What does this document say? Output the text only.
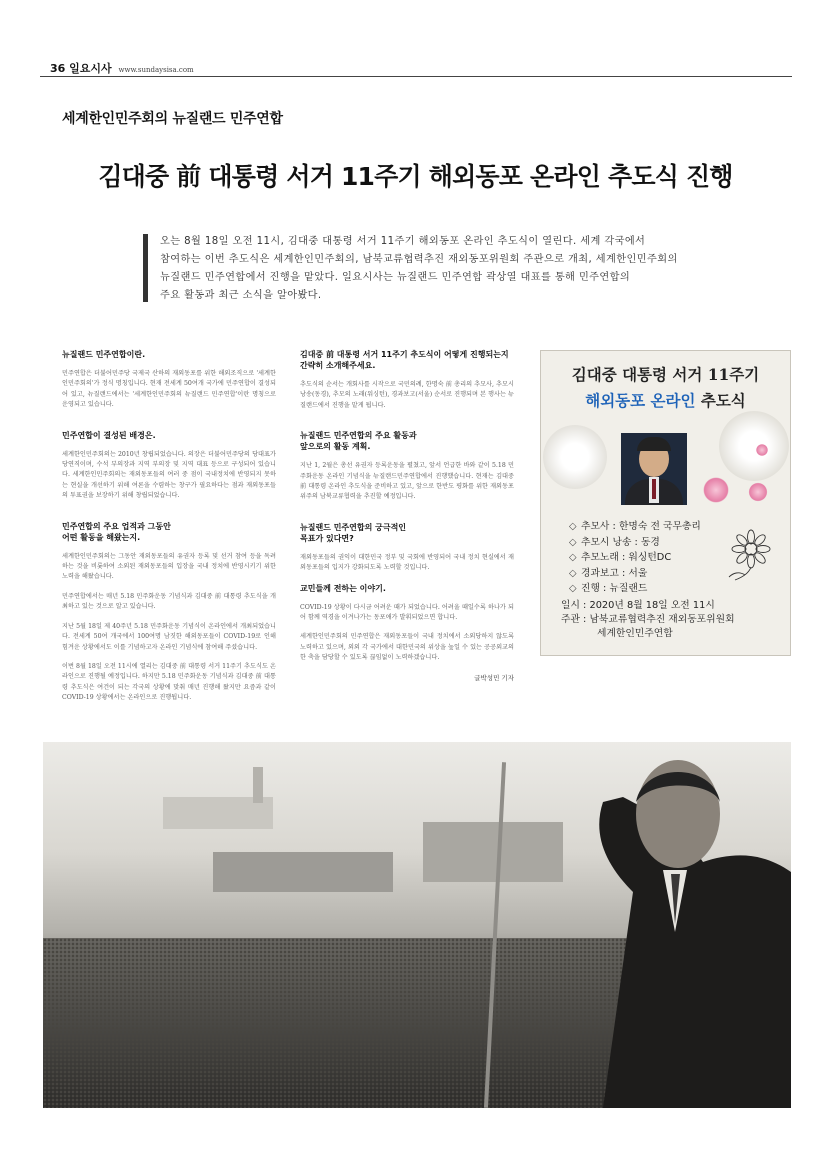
36 일요시사 www.sundaysisa.com
세계한인민주회의 뉴질랜드 민주연합
김대중 前 대통령 서거 11주기 해외동포 온라인 추도식 진행
오는 8월 18일 오전 11시, 김대중 대통령 서거 11주기 해외동포 온라인 추도식이 열린다. 세계 각국에서
참여하는 이번 추도식은 세계한인민주회의, 남북교류협력추진 재외동포위원회 주관으로 개최, 세계한인민주회의
뉴질랜드 민주연합에서 진행을 맡았다. 일요시사는 뉴질랜드 민주연합 곽상열 대표를 통해 민주연합의
주요 활동과 최근 소식을 알아봤다.
뉴질랜드 민주연합이란.
민주연합은 더불어민주당 국제국 산하의 재외동포를 위한 해외조직으로 '세계한인민주회의'가 정식 명칭입니다. 현재 전세계 50여개 국가에 민주연합이 결성되어 있고, 뉴질랜드에서는 '세계한인민주회의 뉴질랜드 민주연합'이란 명칭으로 운영되고 있습니다.
민주연합이 결성된 배경은.
세계한인민주회의는 2010년 창립되었습니다. 의장은 더불어민주당의 당대표가 당연직이며, 수석 부의장과 지역 부의장 및 지역 대표 등으로 구성되어 있습니다. 세계한인민주회의는 재외동포들의 여러 중 점이 국내정치에 반영되지 못하는 현실을 개선하기 위해 여론을 수렴하는 창구가 필요하다는 점과 재외동포들의 투표권을 보장하기 위해 창립되었습니다.
민주연합의 주요 업적과 그동안
어떤 활동을 해왔는지.
세계한인민주회의는 그동안 재외동포들의 유권자 등록 및 선거 참여 등을 독려하는 것을 비롯하여 소외된 재외동포들의 입장을 국내 정치에 반영시키기 위한 노력을 해왔습니다.
민주연합에서는 매년 5.18 민주화운동 기념식과 김대중 前 대통령 추도식을 개최하고 있는 것으로 알고 있습니다.
지난 5월 18일 제 40주년 5.18 민주화운동 기념식이 온라인에서 개최되었습니다. 전세계 50여 개국에서 100여명 남짓한 해외동포들이 COVID-19로 인해 힘겨운 상황에서도 이를 기념하고자 온라인 기념식에 참여해 주셨습니다.
이번 8월 18일 오전 11시에 열리는 김대중 前 대통령 서거 11주기 추도식도 온라인으로 진행될 예정입니다. 하지만 5.18 민주화운동 기념식과 김대중 前 대통령 추도식은 여건이 되는 각국의 상황에 맞춰 매년 진행해 왔지만 요즘과 같이 COVID-19 상황에서는 온라인으로 진행됩니다.
김대중 前 대통령 서거 11주기 추도식이 어떻게 진행되는지
간략히 소개해주세요.
추도식의 순서는 개회사를 시작으로 국민의례, 한명숙 前 총리의 추모사, 추모시 낭송(동경), 추모의 노래(워싱턴), 경과보고(서울) 순서로 진행되며 본 행사는 뉴질랜드에서 진행을 맡게 됩니다.
뉴질랜드 민주연합의 주요 활동과
앞으로의 활동 계획.
지난 1, 2월은 총선 유권자 등록운동을 펼쳤고, 앞서 언급한 바와 같이 5.18 민주화운동 온라인 기념식을 뉴질랜드민주연합에서 진행했습니다. 현재는 김대중 前 대통령 온라인 추도식을 준비하고 있고, 앞으로 한반도 평화를 위한 재외동포위주의 남북교류협력을 추진할 예정입니다.
뉴질랜드 민주연합의 궁극적인
목표가 있다면?
재외동포들의 권익이 대한민국 정부 및 국회에 반영되어 국내 정치 현실에서 재외동포들의 입지가 강화되도록 노력할 것입니다.
교민들께 전하는 이야기.
COVID-19 상황이 다시금 어려운 때가 되었습니다. 어려울 때일수록 하나가 되어 함께 역경을 이겨나가는 동포애가 발휘되었으면 합니다.
세계한인민주회의 민주연합은 재외동포들이 국내 정치에서 소외당하지 않도록 노력하고 있으며, 외외 각 국가에서 대한민국의 위상을 높일 수 있는 공공외교의 한 축을 담당할 수 있도록 끊임없이 노력하겠습니다.
글박성민 기자
김대중 대통령 서거 11주기
해외동포 온라인 추도식
◇ 추모사 : 한명숙 전 국무총리
◇ 추모시 낭송 : 동경
◇ 추모노래 : 워싱턴DC
◇ 경과보고 : 서울
◇ 진행 : 뉴질랜드
일시 : 2020년 8월 18일 오전 11시
주관 : 남북교류협력추진 재외동포위원회
세계한인민주연합
